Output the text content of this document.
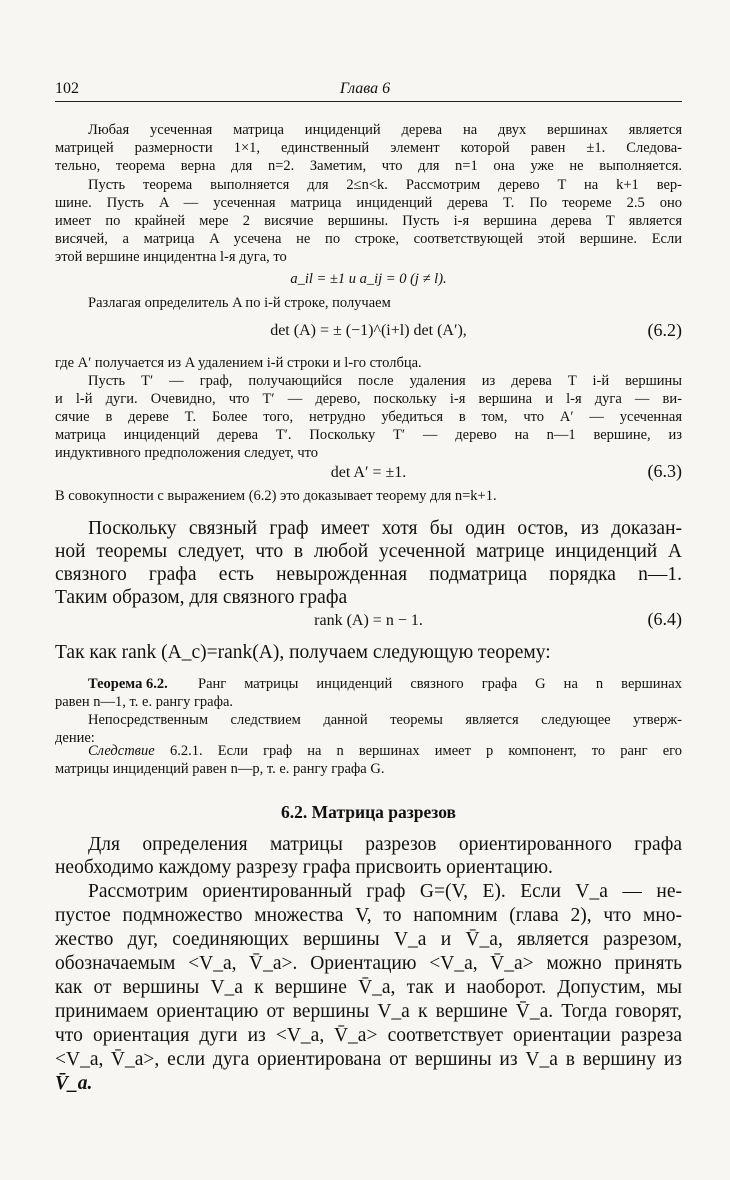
102	Глава 6
Любая усеченная матрица инциденций дерева на двух вершинах является
матрицей размерности 1×1, единственный элемент которой равен ±1. Следова-
тельно, теорема верна для n=2. Заметим, что для n=1 она уже не выполняется.
Пусть теорема выполняется для 2≤n<k. Рассмотрим дерево T на k+1 вер-
шине. Пусть A — усеченная матрица инциденций дерева T. По теореме 2.5 оно
имеет по крайней мере 2 висячие вершины. Пусть i-я вершина дерева T является
висячей, а матрица A усечена не по строке, соответствующей этой вершине. Если
этой вершине инцидентна l-я дуга, то
a_il = ±1 и a_ij = 0 (j ≠ l).
Разлагая определитель A по i-й строке, получаем
det (A) = ± (−1)^(i+l) det (A′),	(6.2)
где A′ получается из A удалением i-й строки и l-го столбца.
Пусть T′ — граф, получающийся после удаления из дерева T i-й вершины
и l-й дуги. Очевидно, что T′ — дерево, поскольку i-я вершина и l-я дуга — ви-
сячие в дереве T. Более того, нетрудно убедиться в том, что A′ — усеченная
матрица инциденций дерева T′. Поскольку T′ — дерево на n—1 вершине, из
индуктивного предположения следует, что
det A′ = ±1.	(6.3)
В совокупности с выражением (6.2) это доказывает теорему для n=k+1.
Поскольку связный граф имеет хотя бы один остов, из доказан-
ной теоремы следует, что в любой усеченной матрице инциденций A
связного графа есть невырожденная подматрица порядка n—1.
Таким образом, для связного графа
rank (A) = n − 1.	(6.4)
Так как rank (A_c)=rank(A), получаем следующую теорему:
Теорема 6.2. Ранг матрицы инциденций связного графа G на n вершинах
равен n—1, т. е. рангу графа.
Непосредственным следствием данной теоремы является следующее утверж-
дение:
Следствие 6.2.1. Если граф на n вершинах имеет p компонент, то ранг его
матрицы инциденций равен n—p, т. е. рангу графа G.
6.2. Матрица разрезов
Для определения матрицы разрезов ориентированного графа
необходимо каждому разрезу графа присвоить ориентацию.
Рассмотрим ориентированный граф G=(V, E). Если V_a — не-
пустое подмножество множества V, то напомним (глава 2), что мно-
жество дуг, соединяющих вершины V_a и V̄_a, является разрезом,
обозначаемым <V_a, V̄_a>. Ориентацию <V_a, V̄_a> можно принять
как от вершины V_a к вершине V̄_a, так и наоборот. Допустим, мы
принимаем ориентацию от вершины V_a к вершине V̄_a. Тогда говорят,
что ориентация дуги из <V_a, V̄_a> соответствует ориентации разреза
<V_a, V̄_a>, если дуга ориентирована от вершины из V_a в вершину из
V̄_a.
